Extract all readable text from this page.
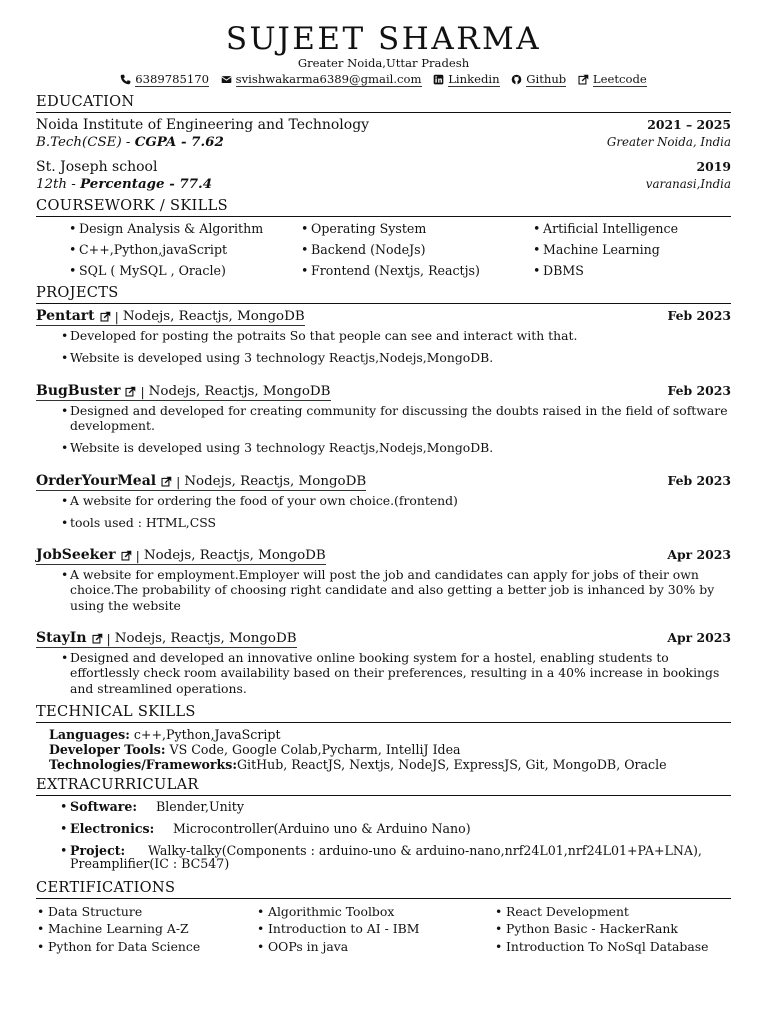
SUJEET SHARMA
Greater Noida,Uttar Pradesh
6389785170
svishwakarma6389@gmail.com
Linkedin
Github
Leetcode
EDUCATION
Noida Institute of Engineering and Technology	2021 – 2025
B.Tech(CSE) - CGPA - 7.62	Greater Noida, India
St. Joseph school	2019
12th - Percentage - 77.4	varanasi,India
COURSEWORK / SKILLS
• Design Analysis & Algorithm	• Operating System	• Artificial Intelligence
• C++,Python,javaScript	• Backend (NodeJs)	• Machine Learning
• SQL ( MySQL , Oracle)	• Frontend (Nextjs, Reactjs)	• DBMS
PROJECTS
Pentart | Nodejs, Reactjs, MongoDB	Feb 2023
• Developed for posting the potraits So that people can see and interact with that.
• Website is developed using 3 technology Reactjs,Nodejs,MongoDB.
BugBuster | Nodejs, Reactjs, MongoDB	Feb 2023
• Designed and developed for creating community for discussing the doubts raised in the field of software development.
• Website is developed using 3 technology Reactjs,Nodejs,MongoDB.
OrderYourMeal | Nodejs, Reactjs, MongoDB	Feb 2023
• A website for ordering the food of your own choice.(frontend)
• tools used : HTML,CSS
JobSeeker | Nodejs, Reactjs, MongoDB	Apr 2023
• A website for employment.Employer will post the job and candidates can apply for jobs of their own choice.The probability of choosing right candidate and also getting a better job is inhanced by 30% by using the website
StayIn | Nodejs, Reactjs, MongoDB	Apr 2023
• Designed and developed an innovative online booking system for a hostel, enabling students to effortlessly check room availability based on their preferences, resulting in a 40% increase in bookings and streamlined operations.
TECHNICAL SKILLS
Languages: c++,Python,JavaScript
Developer Tools: VS Code, Google Colab,Pycharm, IntelliJ Idea
Technologies/Frameworks:GitHub, ReactJS, Nextjs, NodeJS, ExpressJS, Git, MongoDB, Oracle
EXTRACURRICULAR
• Software: Blender,Unity
• Electronics: Microcontroller(Arduino uno & Arduino Nano)
• Project: Walky-talky(Components : arduino-uno & arduino-nano,nrf24L01,nrf24L01+PA+LNA), Preamplifier(IC : BC547)
CERTIFICATIONS
• Data Structure	• Algorithmic Toolbox	• React Development
• Machine Learning A-Z	• Introduction to AI - IBM	• Python Basic - HackerRank
• Python for Data Science	• OOPs in java	• Introduction To NoSql Database
